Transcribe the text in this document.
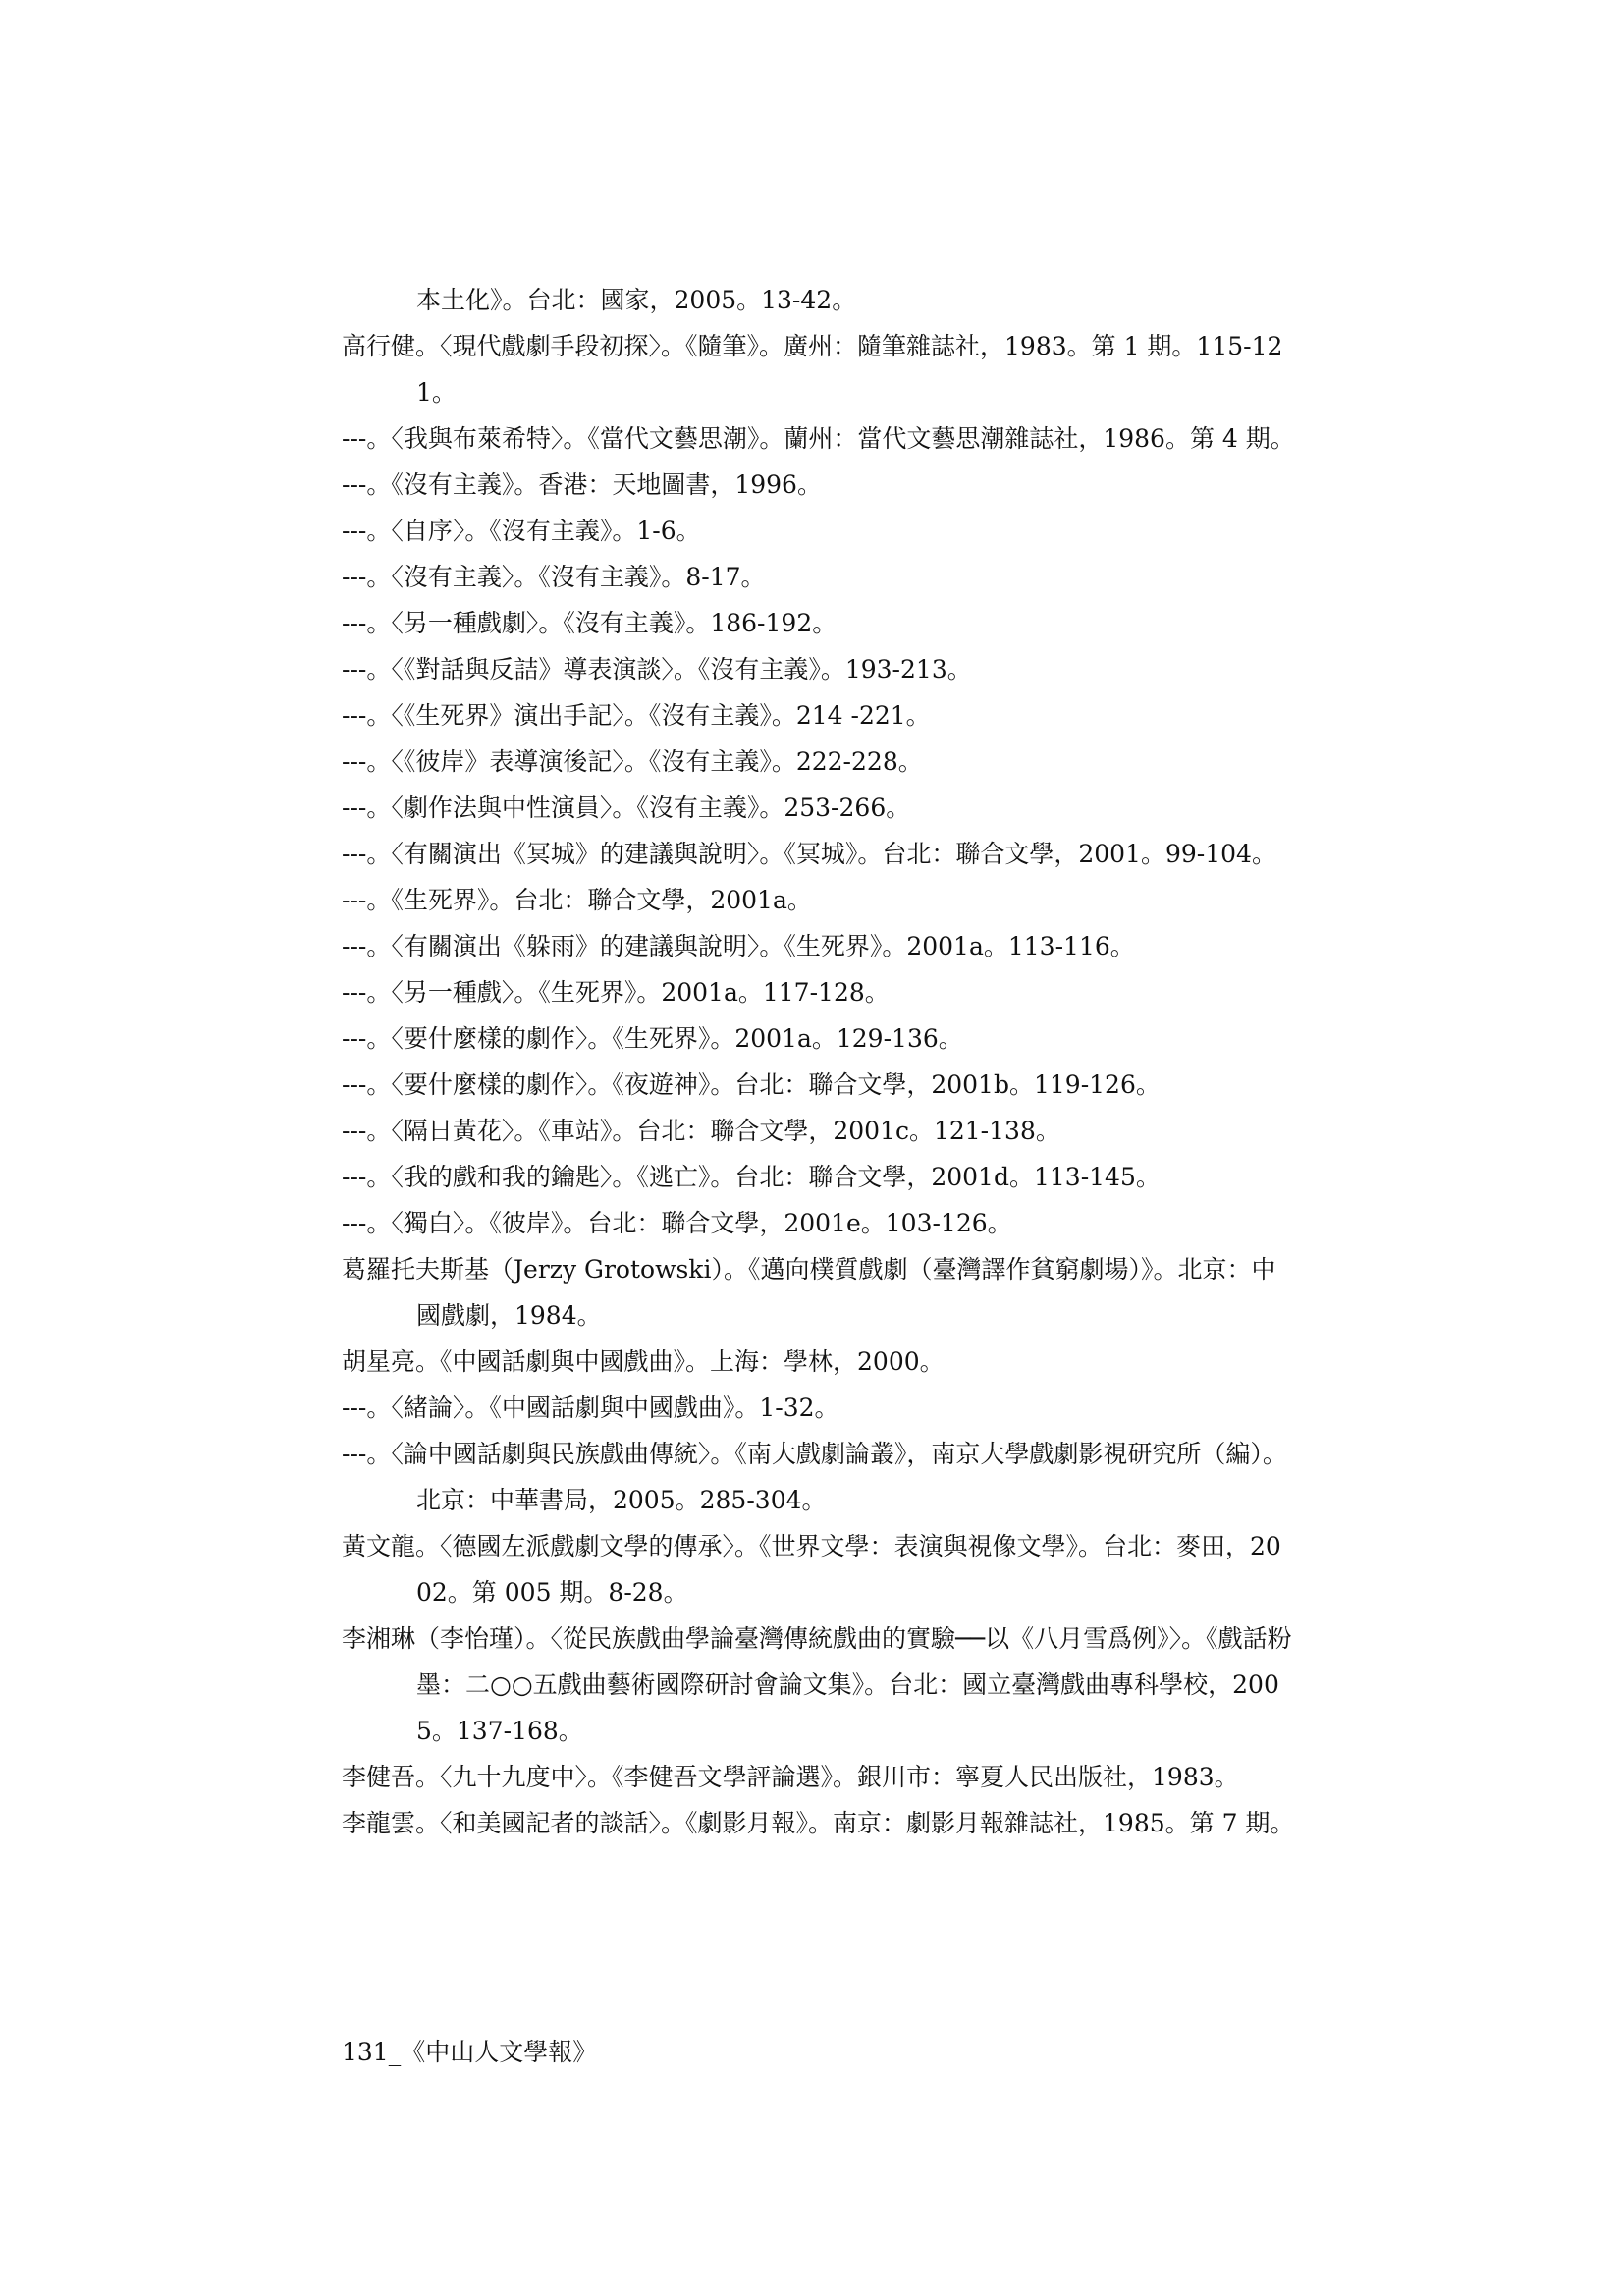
本土化》。台北：國家，2005。13-42。
高行健。〈現代戲劇手段初探〉。《隨筆》。廣州：隨筆雜誌社，1983。第 1 期。115-121。
---。〈我與布萊希特〉。《當代文藝思潮》。蘭州：當代文藝思潮雜誌社，1986。第 4 期。
---。《沒有主義》。香港：天地圖書，1996。
---。〈自序〉。《沒有主義》。1-6。
---。〈沒有主義〉。《沒有主義》。8-17。
---。〈另一種戲劇〉。《沒有主義》。186-192。
---。〈《對話與反詰》導表演談〉。《沒有主義》。193-213。
---。〈《生死界》演出手記〉。《沒有主義》。214 -221。
---。〈《彼岸》表導演後記〉。《沒有主義》。222-228。
---。〈劇作法與中性演員〉。《沒有主義》。253-266。
---。〈有關演出《冥城》的建議與說明〉。《冥城》。台北：聯合文學，2001。99-104。
---。《生死界》。台北：聯合文學，2001a。
---。〈有關演出《躲雨》的建議與說明〉。《生死界》。2001a。113-116。
---。〈另一種戲〉。《生死界》。2001a。117-128。
---。〈要什麼樣的劇作〉。《生死界》。2001a。129-136。
---。〈要什麼樣的劇作〉。《夜遊神》。台北：聯合文學，2001b。119-126。
---。〈隔日黃花〉。《車站》。台北：聯合文學，2001c。121-138。
---。〈我的戲和我的鑰匙〉。《逃亡》。台北：聯合文學，2001d。113-145。
---。〈獨白〉。《彼岸》。台北：聯合文學，2001e。103-126。
葛羅托夫斯基（Jerzy Grotowski）。《邁向樸質戲劇（臺灣譯作貧窮劇場）》。北京：中國戲劇，1984。
胡星亮。《中國話劇與中國戲曲》。上海：學林，2000。
---。〈緒論〉。《中國話劇與中國戲曲》。1-32。
---。〈論中國話劇與民族戲曲傳統〉。《南大戲劇論叢》，南京大學戲劇影視研究所（編）。北京：中華書局，2005。285-304。
黃文龍。〈德國左派戲劇文學的傳承〉。《世界文學：表演與視像文學》。台北：麥田，2002。第 005 期。8-28。
李湘琳（李怡瑾）。〈從民族戲曲學論臺灣傳統戲曲的實驗──以《八月雪爲例》〉。《戲話粉墨：二○○五戲曲藝術國際研討會論文集》。台北：國立臺灣戲曲專科學校，2005。137-168。
李健吾。〈九十九度中〉。《李健吾文學評論選》。銀川市：寧夏人民出版社，1983。
李龍雲。〈和美國記者的談話〉。《劇影月報》。南京：劇影月報雜誌社，1985。第 7 期。
131_《中山人文學報》
